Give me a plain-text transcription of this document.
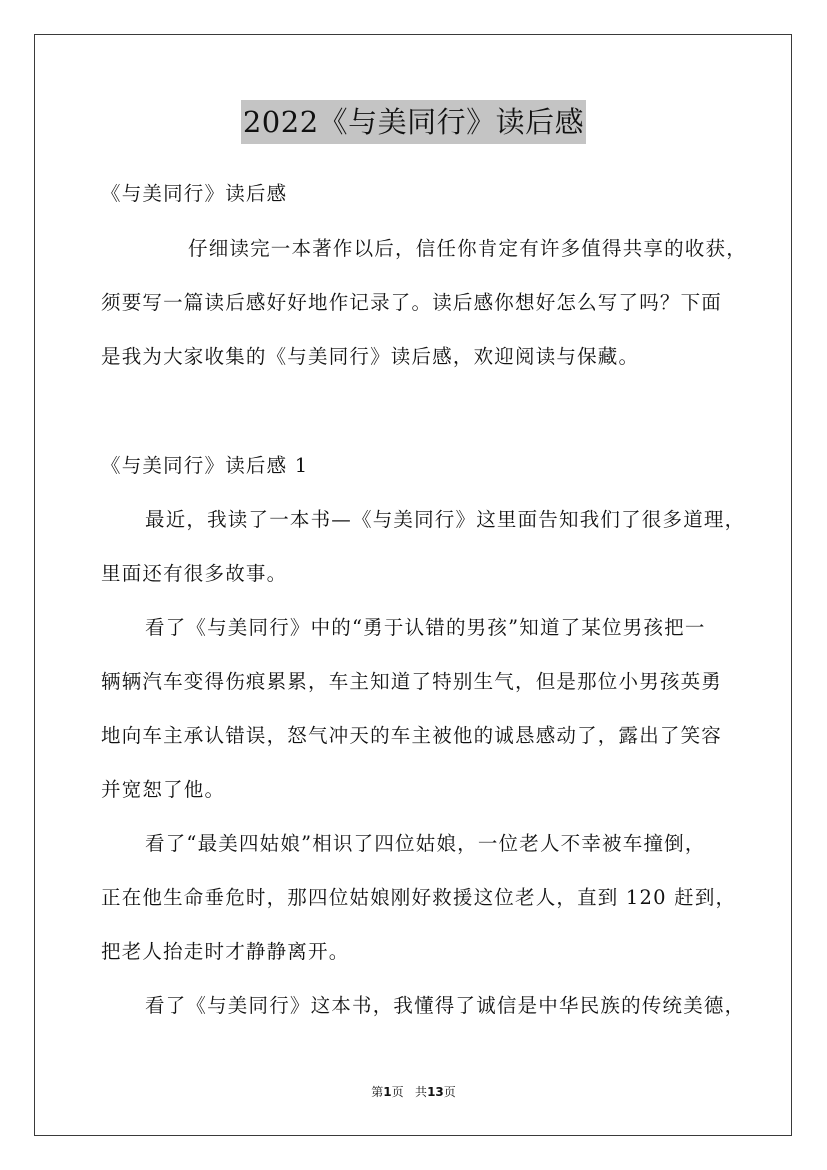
2022《与美同行》读后感
《与美同行》读后感
仔细读完一本著作以后，信任你肯定有许多值得共享的收获，
须要写一篇读后感好好地作记录了。读后感你想好怎么写了吗？下面
是我为大家收集的《与美同行》读后感，欢迎阅读与保藏。
《与美同行》读后感 1
最近，我读了一本书—《与美同行》这里面告知我们了很多道理，
里面还有很多故事。
看了《与美同行》中的“勇于认错的男孩”知道了某位男孩把一
辆辆汽车变得伤痕累累，车主知道了特别生气，但是那位小男孩英勇
地向车主承认错误，怒气冲天的车主被他的诚恳感动了，露出了笑容
并宽恕了他。
看了“最美四姑娘”相识了四位姑娘，一位老人不幸被车撞倒，
正在他生命垂危时，那四位姑娘刚好救援这位老人，直到 120 赶到，
把老人抬走时才静静离开。
看了《与美同行》这本书，我懂得了诚信是中华民族的传统美德，
第1页 共13页
